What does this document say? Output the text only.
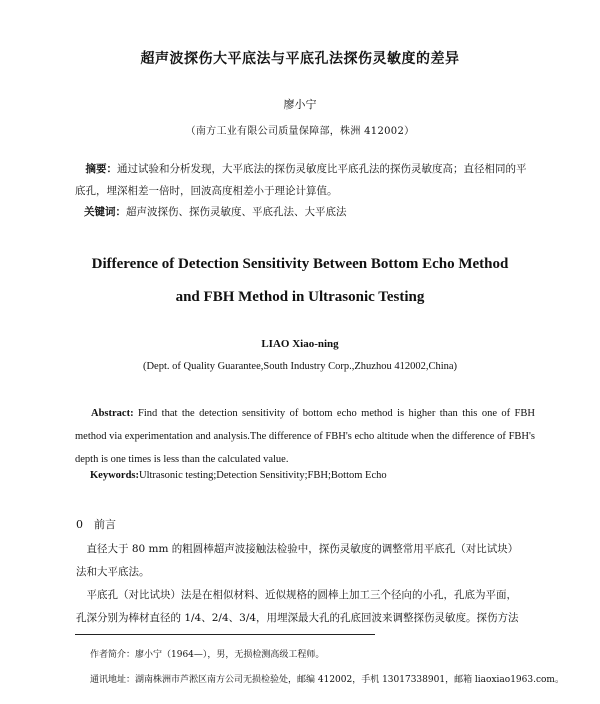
超声波探伤大平底法与平底孔法探伤灵敏度的差异
廖小宁
（南方工业有限公司质量保障部，株洲 412002）

摘要：通过试验和分析发现，大平底法的探伤灵敏度比平底孔法的探伤灵敏度高；直径相同的平底孔，埋深相差一倍时，回波高度相差小于理论计算值。

关键词：超声波探伤、探伤灵敏度、平底孔法、大平底法
Difference of Detection Sensitivity Between Bottom Echo Method
and FBH Method in Ultrasonic Testing
LIAO Xiao-ning
(Dept. of Quality Guarantee,South Industry Corp.,Zhuzhou 412002,China)

Abstract: Find that the detection sensitivity of bottom echo method is higher than this one of FBH method via experimentation and analysis.The difference of FBH's echo altitude when the difference of FBH's depth is one times is less than the calculated value.

Keywords:Ultrasonic testing;Detection Sensitivity;FBH;Bottom Echo
0　前言

直径大于 80 mm 的粗圆棒超声波接触法检验中，探伤灵敏度的调整常用平底孔（对比试块）

法和大平底法。

平底孔（对比试块）法是在相似材料、近似规格的圆棒上加工三个径向的小孔，孔底为平面，

孔深分别为棒材直径的 1/4、2/4、3/4，用埋深最大孔的孔底回波来调整探伤灵敏度。探伤方法

作者简介：廖小宁（1964—），男，无损检测高级工程师。
通讯地址：湖南株洲市芦淞区南方公司无损检验处，邮编 412002，手机 13017338901，邮箱 liaoxiao1963.com。
